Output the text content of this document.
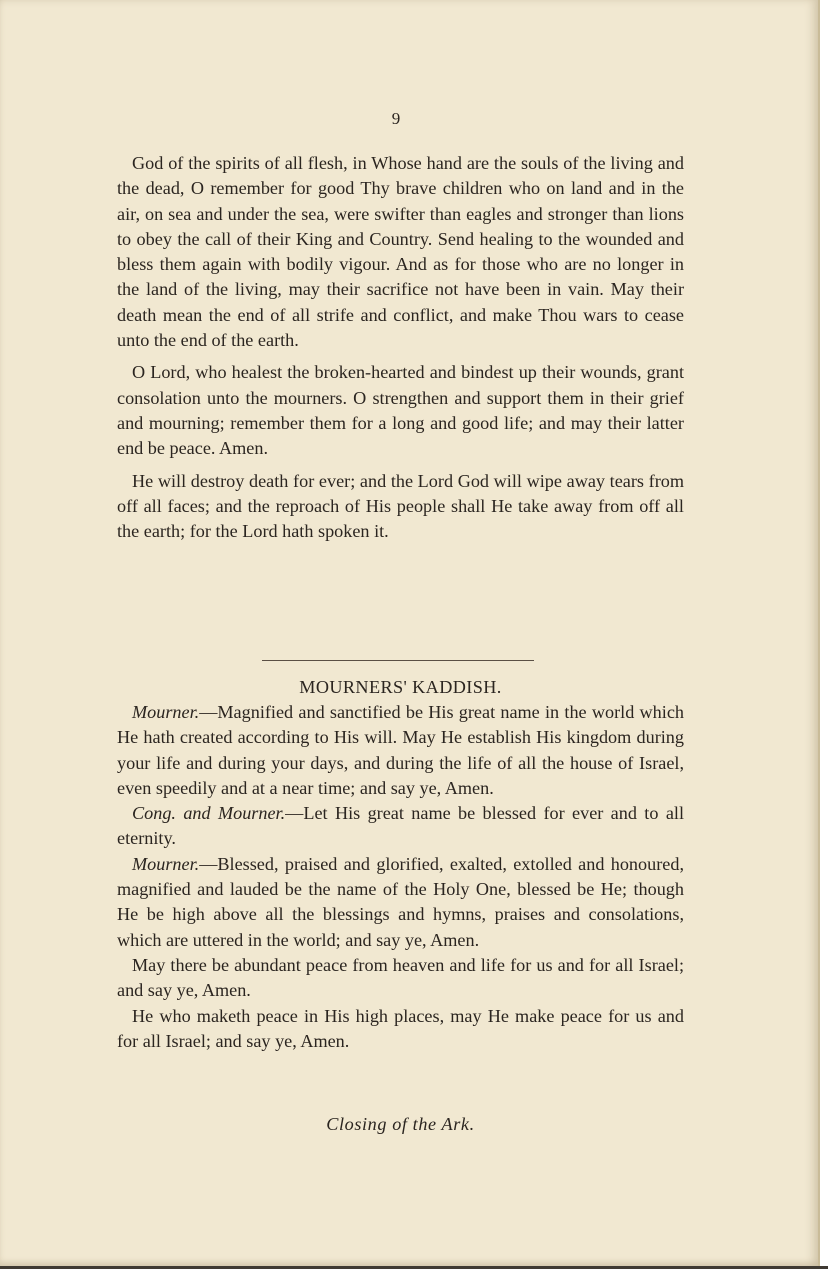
9

God of the spirits of all flesh, in Whose hand are the souls of the living and the dead, O remember for good Thy brave children who on land and in the air, on sea and under the sea, were swifter than eagles and stronger than lions to obey the call of their King and Country. Send healing to the wounded and bless them again with bodily vigour. And as for those who are no longer in the land of the living, may their sacrifice not have been in vain. May their death mean the end of all strife and conflict, and make Thou wars to cease unto the end of the earth.

O Lord, who healest the broken-hearted and bindest up their wounds, grant consolation unto the mourners. O strengthen and support them in their grief and mourning; remember them for a long and good life; and may their latter end be peace. Amen.

He will destroy death for ever; and the Lord God will wipe away tears from off all faces; and the reproach of His people shall He take away from off all the earth; for the Lord hath spoken it.

MOURNERS' KADDISH.

Mourner.—Magnified and sanctified be His great name in the world which He hath created according to His will. May He establish His kingdom during your life and during your days, and during the life of all the house of Israel, even speedily and at a near time; and say ye, Amen.

Cong. and Mourner.—Let His great name be blessed for ever and to all eternity.

Mourner.—Blessed, praised and glorified, exalted, extolled and honoured, magnified and lauded be the name of the Holy One, blessed be He; though He be high above all the blessings and hymns, praises and consolations, which are uttered in the world; and say ye, Amen.

May there be abundant peace from heaven and life for us and for all Israel; and say ye, Amen.

He who maketh peace in His high places, may He make peace for us and for all Israel; and say ye, Amen.

Closing of the Ark.
